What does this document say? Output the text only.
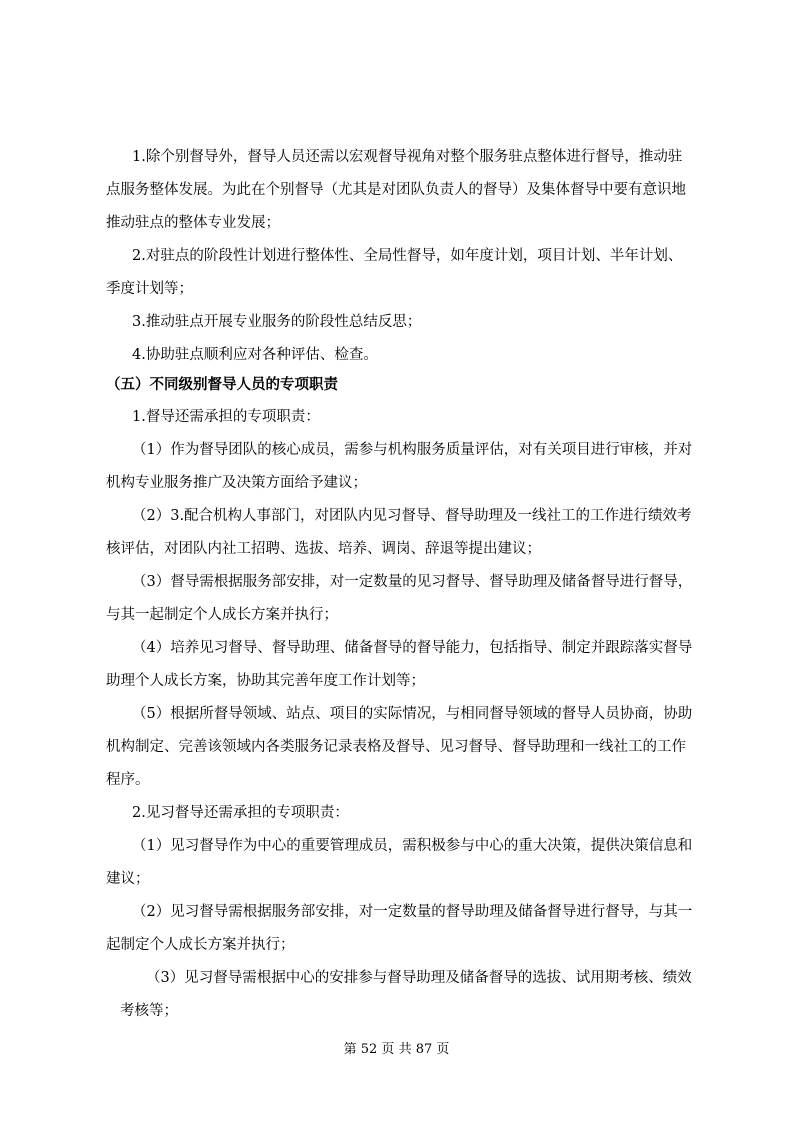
1.除个别督导外，督导人员还需以宏观督导视角对整个服务驻点整体进行督导，推动驻
点服务整体发展。为此在个别督导（尤其是对团队负责人的督导）及集体督导中要有意识地
推动驻点的整体专业发展；
2.对驻点的阶段性计划进行整体性、全局性督导，如年度计划，项目计划、半年计划、
季度计划等；
3.推动驻点开展专业服务的阶段性总结反思；
4.协助驻点顺利应对各种评估、检查。
（五）不同级别督导人员的专项职责
1.督导还需承担的专项职责：
（1）作为督导团队的核心成员，需参与机构服务质量评估，对有关项目进行审核，并对
机构专业服务推广及决策方面给予建议；
（2）3.配合机构人事部门，对团队内见习督导、督导助理及一线社工的工作进行绩效考
核评估，对团队内社工招聘、选拔、培养、调岗、辞退等提出建议；
（3）督导需根据服务部安排，对一定数量的见习督导、督导助理及储备督导进行督导，
与其一起制定个人成长方案并执行；
（4）培养见习督导、督导助理、储备督导的督导能力，包括指导、制定并跟踪落实督导
助理个人成长方案，协助其完善年度工作计划等；
（5）根据所督导领域、站点、项目的实际情况，与相同督导领域的督导人员协商，协助
机构制定、完善该领域内各类服务记录表格及督导、见习督导、督导助理和一线社工的工作
程序。
2.见习督导还需承担的专项职责：
（1）见习督导作为中心的重要管理成员，需积极参与中心的重大决策，提供决策信息和
建议；
（2）见习督导需根据服务部安排，对一定数量的督导助理及储备督导进行督导，与其一
起制定个人成长方案并执行；
（3）见习督导需根据中心的安排参与督导助理及储备督导的选拔、试用期考核、绩效
考核等；
第 52 页 共 87 页
